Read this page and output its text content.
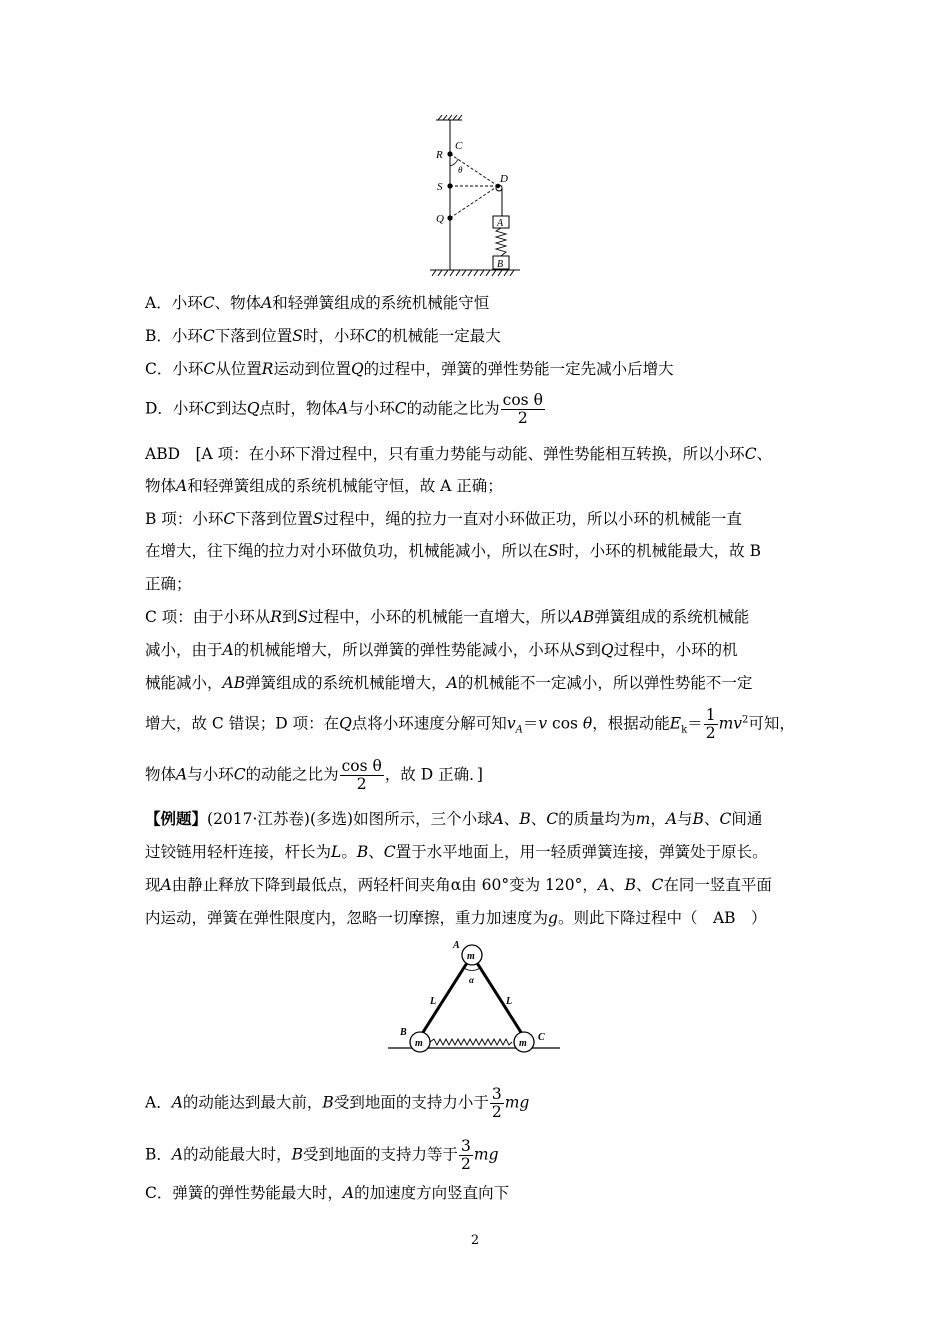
C
R
θ
D
S
Q	A
B
A．小环C、物体A和轻弹簧组成的系统机械能守恒
B．小环C下落到位置S时，小环C的机械能一定最大
C．小环C从位置R运动到位置Q的过程中，弹簧的弹性势能一定先减小后增大
D．小环C到达Q点时，物体A与小环C的动能之比为 $\frac{\text{cos θ}}{2}$
ABD　[A 项：在小环下滑过程中，只有重力势能与动能、弹性势能相互转换，所以小环C、
物体A和轻弹簧组成的系统机械能守恒，故 A 正确；
B 项：小环C下落到位置S过程中，绳的拉力一直对小环做正功，所以小环的机械能一直
在增大，往下绳的拉力对小环做负功，机械能减小，所以在S时，小环的机械能最大，故 B
正确；
C 项：由于小环从R到S过程中，小环的机械能一直增大，所以AB弹簧组成的系统机械能
减小，由于A的机械能增大，所以弹簧的弹性势能减小，小环从S到Q过程中，小环的机
械能减小，AB弹簧组成的系统机械能增大，A的机械能不一定减小，所以弹性势能不一定
增大，故 C 错误；D 项：在Q点将小环速度分解可知$v_A=v$ cos θ，根据动能$E_k= \frac{1}{2} mv^2$可知，
物体A与小环C的动能之比为 $\frac{\text{cos θ}}{2}$ ，故 D 正确．]
【例题】(2017·江苏卷)(多选)如图所示，三个小球A、B、C的质量均为m，A与B、C间通
过铰链用轻杆连接，杆长为L。B、C置于水平地面上，用一轻质弹簧连接，弹簧处于原长。
现A由静止释放下降到最低点，两轻杆间夹角α由 60°变为 120°，A、B、C在同一竖直平面
内运动，弹簧在弹性限度内，忽略一切摩擦，重力加速度为g。则此下降过程中（　AB　）
A
m
α
L	L
B
m	m
C
A．A的动能达到最大前，B受到地面的支持力小于 $\frac{3}{2}$ mg
B．A的动能最大时，B受到地面的支持力等于 $\frac{3}{2}$ mg
C．弹簧的弹性势能最大时，A的加速度方向竖直向下
2
